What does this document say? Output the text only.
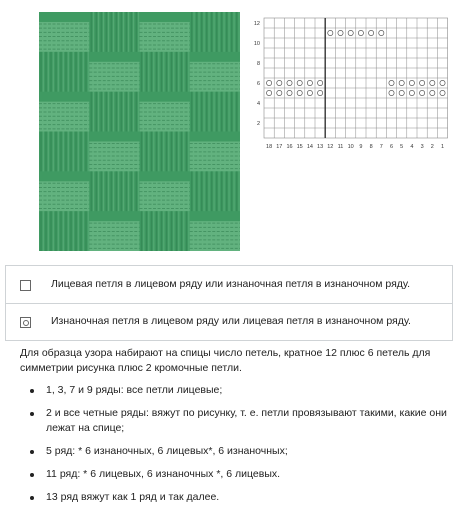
12
10
8
6
4
2
18 17 16 15 14 13 12 11 10 9 8 7 6 5 4 3 2 1
Лицевая петля в лицевом ряду или изнаночная петля в изнаночном ряду.
Изнаночная петля в лицевом ряду или лицевая петля в изнаночном ряду.

Для образца узора набирают на спицы число петель, кратное 12 плюс 6 петель для симметрии рисунка плюс 2 кромочные петли.

1, 3, 7 и 9 ряды: все петли лицевые;
2 и все четные ряды: вяжут по рисунку, т. е. петли провязывают такими, какие они лежат на спице;
5 ряд: * 6 изнаночных, 6 лицевых*, 6 изнаночных;
11 ряд: * 6 лицевых, 6 изнаночных *, 6 лицевых.
13 ряд вяжут как 1 ряд и так далее.
